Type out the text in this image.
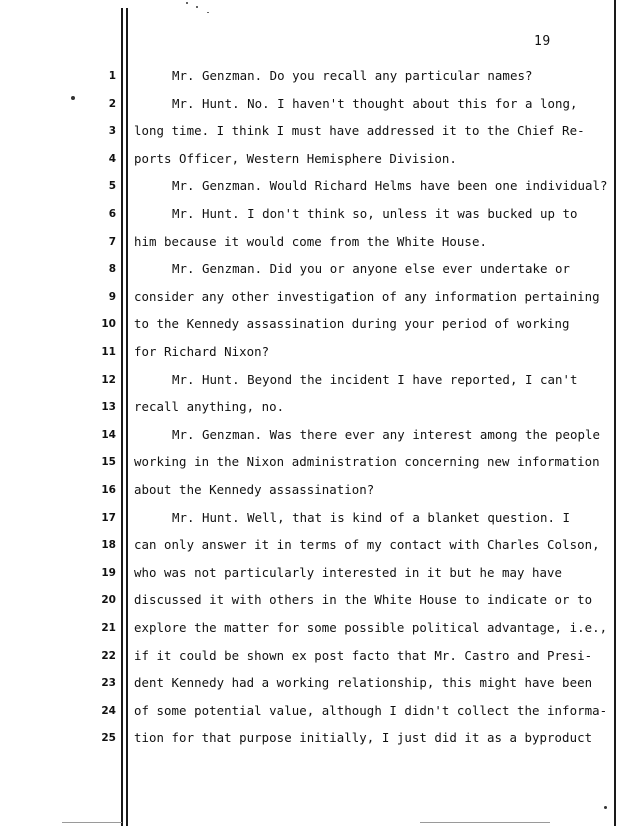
19
1	Mr. Genzman. Do you recall any particular names?
2	Mr. Hunt. No. I haven't thought about this for a long,
3 long time. I think I must have addressed it to the Chief Re-
4 ports Officer, Western Hemisphere Division.
5	Mr. Genzman. Would Richard Helms have been one individual?
6	Mr. Hunt. I don't think so, unless it was bucked up to
7 him because it would come from the White House.
8	Mr. Genzman. Did you or anyone else ever undertake or
9 consider any other investigation of any information pertaining
10 to the Kennedy assassination during your period of working
11 for Richard Nixon?
12	Mr. Hunt. Beyond the incident I have reported, I can't
13 recall anything, no.
14	Mr. Genzman. Was there ever any interest among the people
15 working in the Nixon administration concerning new information
16 about the Kennedy assassination?
17	Mr. Hunt. Well, that is kind of a blanket question. I
18 can only answer it in terms of my contact with Charles Colson,
19 who was not particularly interested in it but he may have
20 discussed it with others in the White House to indicate or to
21 explore the matter for some possible political advantage, i.e.,
22 if it could be shown ex post facto that Mr. Castro and Presi-
23 dent Kennedy had a working relationship, this might have been
24 of some potential value, although I didn't collect the informa-
25 tion for that purpose initially, I just did it as a byproduct
